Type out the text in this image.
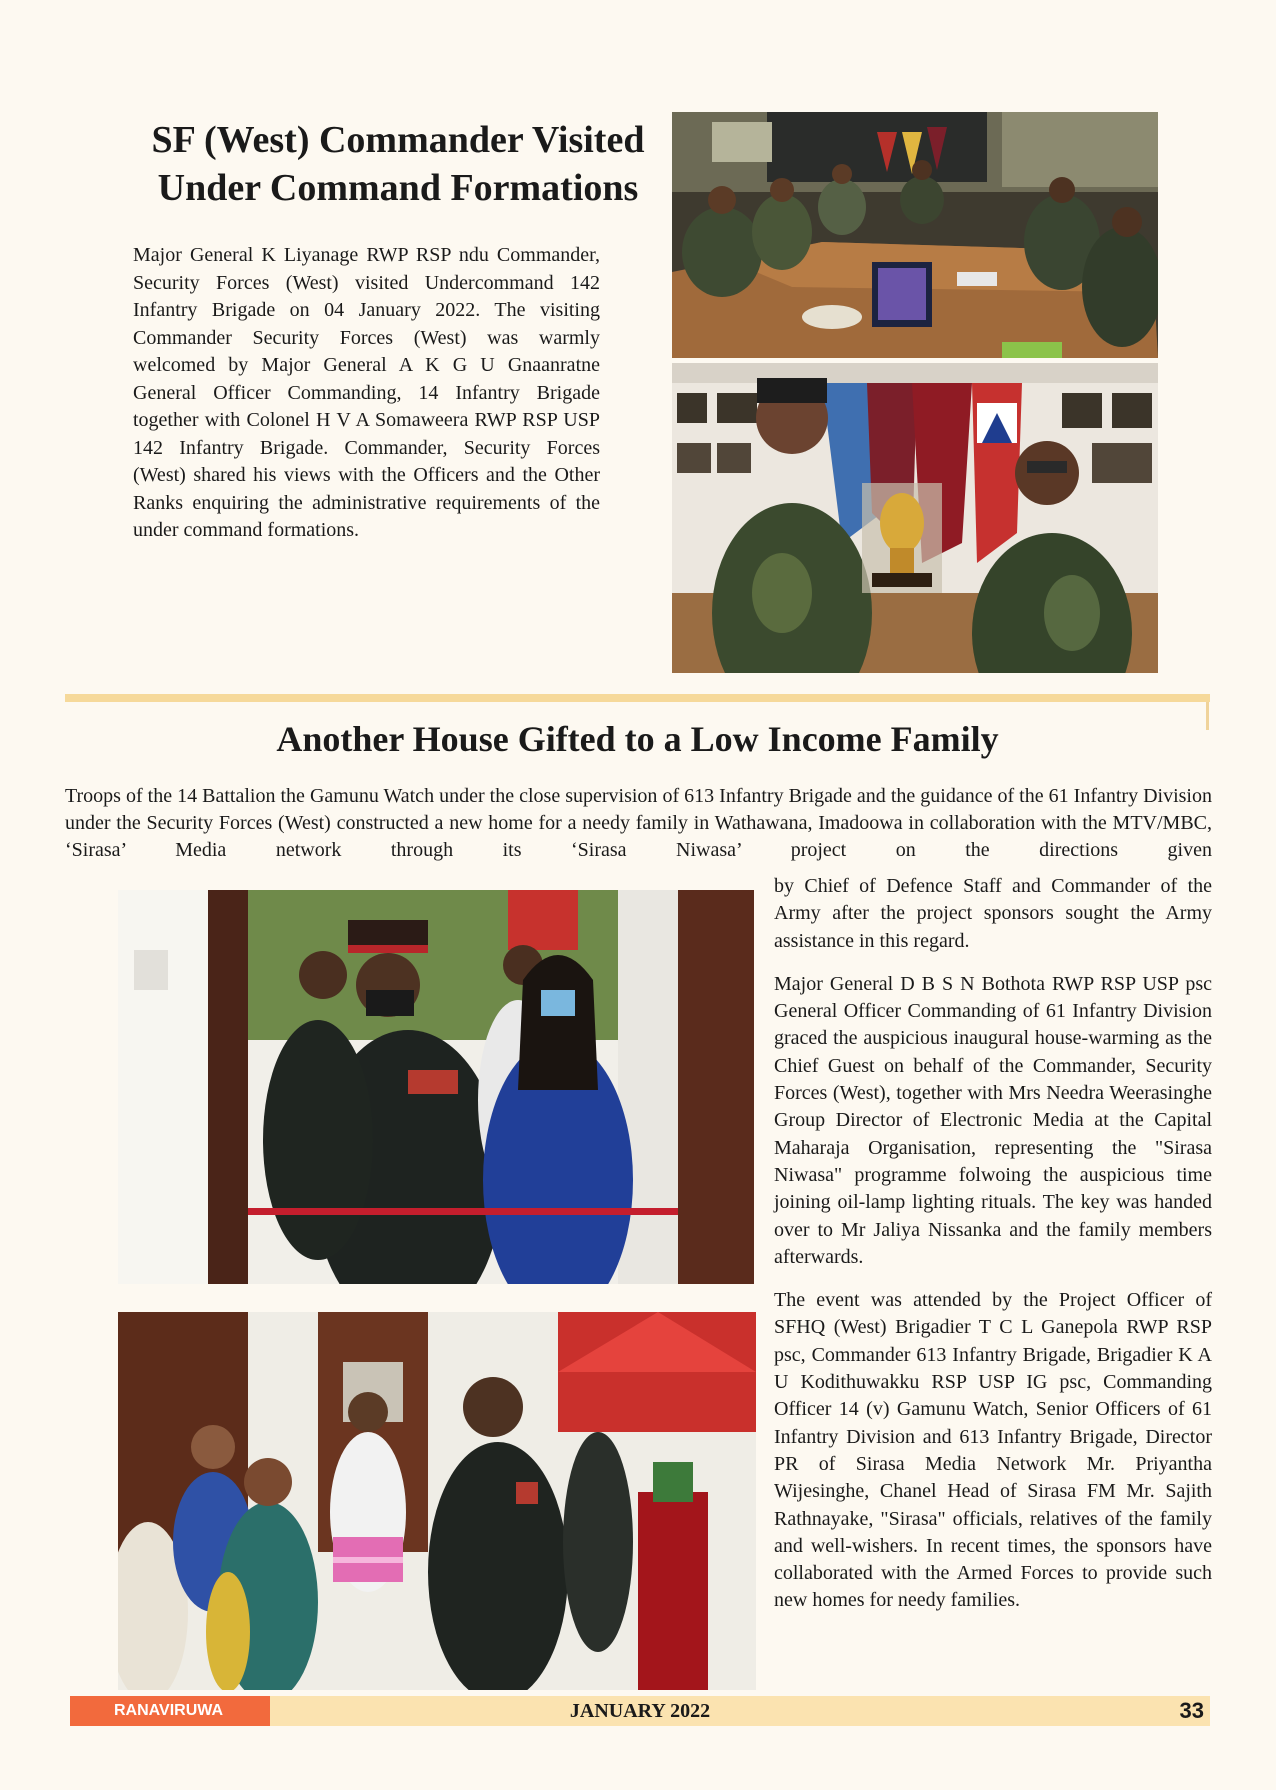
SF (West) Commander Visited
Under Command Formations

Major General K Liyanage RWP RSP ndu Commander, Security Forces (West) visited Undercommand 142 Infantry Brigade on 04 January 2022. The visiting Commander Security Forces (West) was warmly welcomed by Major General A K G U Gnaanratne General Officer Commanding, 14 Infantry Brigade together with Colonel H V A Somaweera RWP RSP USP 142 Infantry Brigade. Commander, Security Forces (West) shared his views with the Officers and the Other Ranks enquiring the administrative requirements of the under command formations.

Another House Gifted to a Low Income Family

Troops of the 14 Battalion the Gamunu Watch under the close supervision of 613 Infantry Brigade and the guidance of the 61 Infantry Division under the Security Forces (West) constructed a new home for a needy family in Wathawana, Imadoowa in collaboration with the MTV/MBC, ‘Sirasa’ Media network through its ‘Sirasa Niwasa’ project on the directions given

by Chief of Defence Staff and Commander of the Army after the project sponsors sought the Army assistance in this regard.

Major General D B S N Bothota RWP RSP USP psc General Officer Commanding of 61 Infantry Division graced the auspicious inaugural house-warming as the Chief Guest on behalf of the Commander, Security Forces (West), together with Mrs Needra Weerasinghe Group Director of Electronic Media at the Capital Maharaja Organisation, representing the "Sirasa Niwasa" programme folwoing the auspicious time joining oil-lamp lighting rituals. The key was handed over to Mr Jaliya Nissanka and the family members afterwards.

The event was attended by the Project Officer of SFHQ (West) Brigadier T C L Ganepola RWP RSP psc, Commander 613 Infantry Brigade, Brigadier K A U Kodithuwakku RSP USP IG psc, Commanding Officer 14 (v) Gamunu Watch, Senior Officers of 61 Infantry Division and 613 Infantry Brigade, Director PR of Sirasa Media Network Mr. Priyantha Wijesinghe, Chanel Head of Sirasa FM Mr. Sajith Rathnayake, "Sirasa" officials, relatives of the family and well-wishers. In recent times, the sponsors have collaborated with the Armed Forces to provide such new homes for needy families.

RANAVIRUWA	JANUARY 2022	33
